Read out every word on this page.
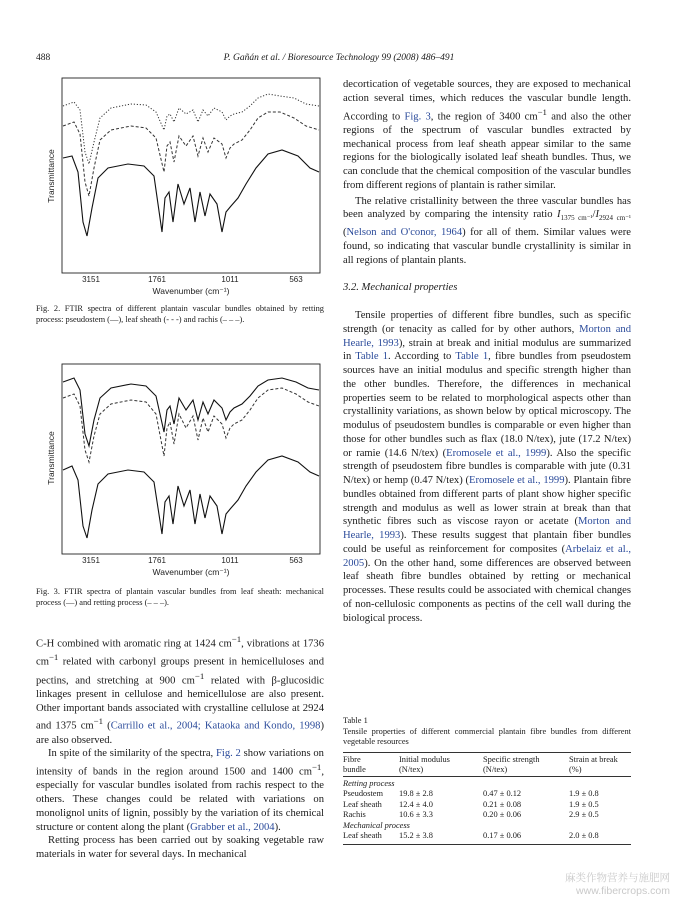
488	P. Gañán et al. / Bioresource Technology 99 (2008) 486–491
Transmittance
3151	1761	1011	563
Wavenumber (cm⁻¹)

Fig. 2. FTIR spectra of different plantain vascular bundles obtained by retting process: pseudostem (—), leaf sheath (- - -) and rachis (– – –).

Transmittance
3151	1761	1011	563
Wavenumber (cm⁻¹)

Fig. 3. FTIR spectra of plantain vascular bundles from leaf sheath: mechanical process (—) and retting process (– – –).

C-H combined with aromatic ring at 1424 $cm^{-1}$, vibrations at 1736 $cm^{-1}$ related with carbonyl groups present in hemicelluloses and pectins, and stretching at 900 $cm^{-1}$ related with β-glucosidic linkages present in cellulose and hemicellulose are also present. Other important bands associated with crystalline cellulose at 2924 and 1375 $cm^{-1}$ (Carrillo et al., 2004; Kataoka and Kondo, 1998) are also observed.

In spite of the similarity of the spectra, Fig. 2 show variations on intensity of bands in the region around 1500 and 1400 $cm^{-1}$, especially for vascular bundles isolated from rachis respect to the others. These changes could be related with variations on monolignol units of lignin, possibly by the variation of its chemical structure or content along the plant (Grabber et al., 2004).

Retting process has been carried out by soaking vegetable raw materials in water for several days. In mechanical

decortication of vegetable sources, they are exposed to mechanical action several times, which reduces the vascular bundle length. According to Fig. 3, the region of 3400 $cm^{-1}$ and also the other regions of the spectrum of vascular bundles extracted by mechanical process from leaf sheath appear similar to the same regions for the biologically isolated leaf sheath bundles. Thus, we can conclude that the chemical composition of the vascular bundles from different regions of plantain is rather similar.

The relative cristallinity between the three vascular bundles has been analyzed by comparing the intensity ratio $I_{1375 cm^{-1}}/I_{2924 cm^{-1}}$ (Nelson and O'conor, 1964) for all of them. Similar values were found, so indicating that vascular bundle crystallinity is similar in all regions of plantain plants.

3.2. Mechanical properties

Tensile properties of different fibre bundles, such as specific strength (or tenacity as called for by other authors, Morton and Hearle, 1993), strain at break and initial modulus are summarized in Table 1. According to Table 1, fibre bundles from pseudostem sources have an initial modulus and specific strength higher than the other bundles. Therefore, the differences in mechanical properties seem to be related to morphological aspects other than crystallinity variations, as shown below by optical microscopy. The modulus of pseudostem bundles is comparable or even higher than those for other bundles such as flax (18.0 N/tex), jute (17.2 N/tex) or ramie (14.6 N/tex) (Eromosele et al., 1999). Also the specific strength of pseudostem fibre bundles is comparable with jute (0.31 N/tex) or hemp (0.47 N/tex) (Eromosele et al., 1999). Plantain fibre bundles obtained from different parts of plant show higher specific strength and modulus as well as lower strain at break than that synthetic fibres such as viscose rayon or acetate (Morton and Hearle, 1993). These results suggest that plantain fiber bundles could be useful as reinforcement for composites (Arbelaiz et al., 2005). On the other hand, some differences are observed between leaf sheath fibre bundles obtained by retting or mechanical processes. These results could be associated with chemical changes of non-cellulosic components as pectins of the cell wall during the biological process.

Table 1
Tensile properties of different commercial plantain fibre bundles from different vegetable resources
Fibre
bundle	Initial modulus
(N/tex)	Specific strength
(N/tex)	Strain at break
(%)
Retting process			
Pseudostem	19.8 ± 2.8	0.47 ± 0.12	1.9 ± 0.8
Leaf sheath	12.4 ± 4.0	0.21 ± 0.08	1.9 ± 0.5
Rachis	10.6 ± 3.3	0.20 ± 0.06	2.9 ± 0.5
Mechanical process			
Leaf sheath	15.2 ± 3.8	0.17 ± 0.06	2.0 ± 0.8
麻类作物营养与施肥网
www.fibercrops.com
